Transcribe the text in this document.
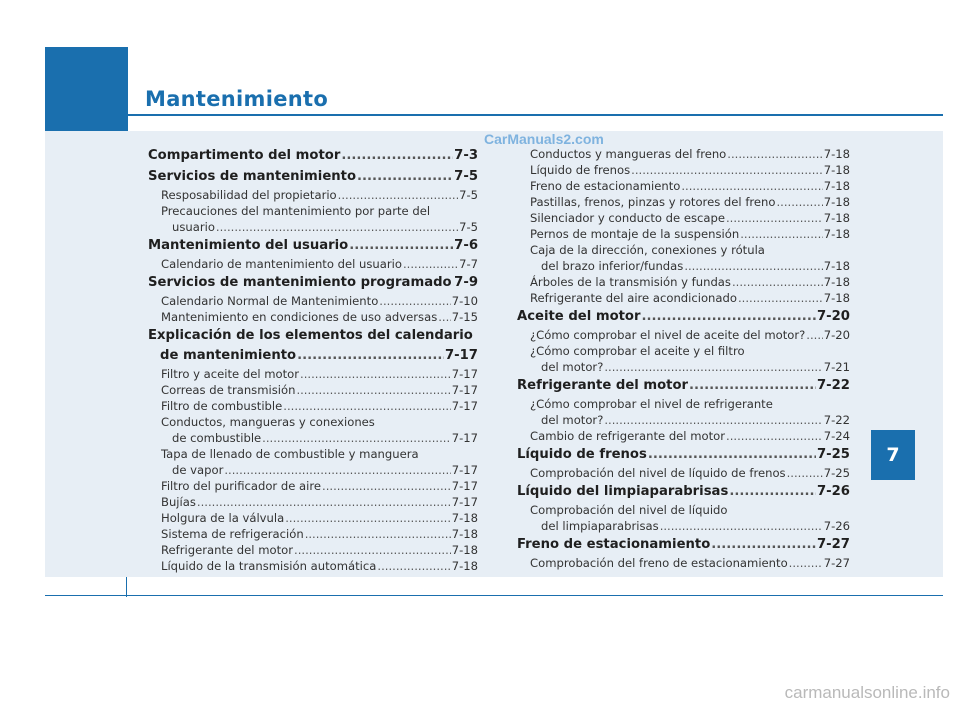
Mantenimiento
7
CarManuals2.com
carmanualsonline.info
Compartimento del motor .....	7-3
Servicios de mantenimiento .....	7-5
Resposabilidad del propietario .....	7-5
Precauciones del mantenimiento por parte del
usuario .....	7-5
Mantenimiento del usuario .....	7-6
Calendario de mantenimiento del usuario .....	7-7
Servicios de mantenimiento programado ..... 7-9
Calendario Normal de Mantenimiento .....	7-10
Mantenimiento en condiciones de uso adversas ..... 7-15
Explicación de los elementos del calendario
de mantenimiento .....	7-17
Filtro y aceite del motor .....	7-17
Correas de transmisión .....	7-17
Filtro de combustible .....	7-17
Conductos, mangueras y conexiones
de combustible .....	7-17
Tapa de llenado de combustible y manguera
de vapor .....	7-17
Filtro del purificador de aire .....	7-17
Bujías .....	7-17
Holgura de la válvula .....	7-18
Sistema de refrigeración .....	7-18
Refrigerante del motor .....	7-18
Líquido de la transmisión automática .....	7-18
Conductos y mangueras del freno .....	7-18
Líquido de frenos .....	7-18
Freno de estacionamiento .....	7-18
Pastillas, frenos, pinzas y rotores del freno .....	7-18
Silenciador y conducto de escape .....	7-18
Pernos de montaje de la suspensión .....	7-18
Caja de la dirección, conexiones y rótula
del brazo inferior/fundas .....	7-18
Árboles de la transmisión y fundas .....	7-18
Refrigerante del aire acondicionado .....	7-18
Aceite del motor .....	7-20
¿Cómo comprobar el nivel de aceite del motor? ..... 7-20
¿Cómo comprobar el aceite y el filtro
del motor? .....	7-21
Refrigerante del motor .....	7-22
¿Cómo comprobar el nivel de refrigerante
del motor? .....	7-22
Cambio de refrigerante del motor .....	7-24
Líquido de frenos .....	7-25
Comprobación del nivel de líquido de frenos .....	7-25
Líquido del limpiaparabrisas .....	7-26
Comprobación del nivel de líquido
del limpiaparabrisas .....	7-26
Freno de estacionamiento .....	7-27
Comprobación del freno de estacionamiento .....	7-27
